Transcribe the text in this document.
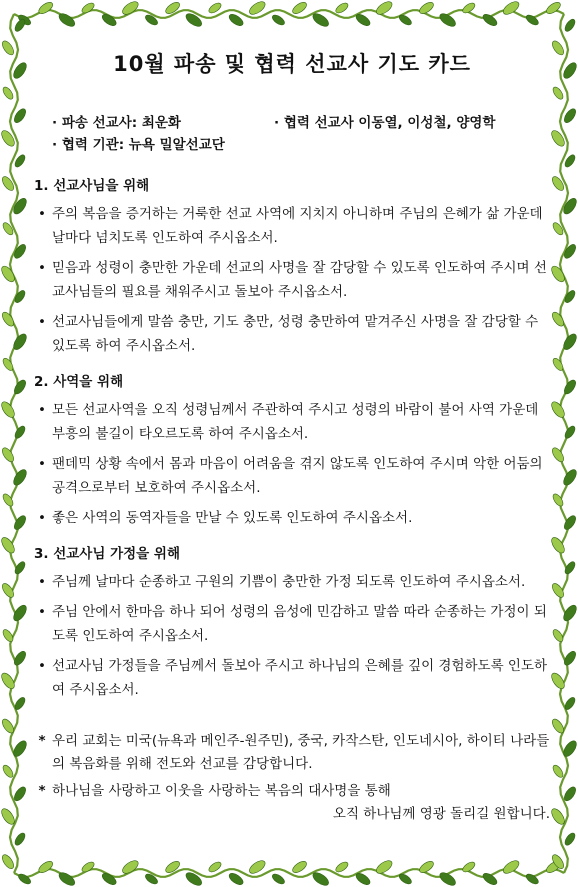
10월 파송 및 협력 선교사 기도 카드
· 파송 선교사: 최운화	· 협력 선교사 이동열, 이성철, 양영학
· 협력 기관: 뉴욕 밀알선교단
1. 선교사님을 위해
• 주의 복음을 증거하는 거룩한 선교 사역에 지치지 아니하며 주님의 은혜가 삶 가운데 날마다 넘치도록 인도하여 주시옵소서.
• 믿음과 성령이 충만한 가운데 선교의 사명을 잘 감당할 수 있도록 인도하여 주시며 선교사님들의 필요를 채워주시고 돌보아 주시옵소서.
• 선교사님들에게 말씀 충만, 기도 충만, 성령 충만하여 맡겨주신 사명을 잘 감당할 수 있도록 하여 주시옵소서.
2. 사역을 위해
• 모든 선교사역을 오직 성령님께서 주관하여 주시고 성령의 바람이 불어 사역 가운데 부흥의 불길이 타오르도록 하여 주시옵소서.
• 팬데믹 상황 속에서 몸과 마음이 어려움을 겪지 않도록 인도하여 주시며 악한 어둠의 공격으로부터 보호하여 주시옵소서.
• 좋은 사역의 동역자들을 만날 수 있도록 인도하여 주시옵소서.
3. 선교사님 가정을 위해
• 주님께 날마다 순종하고 구원의 기쁨이 충만한 가정 되도록 인도하여 주시옵소서.
• 주님 안에서 한마음 하나 되어 성령의 음성에 민감하고 말씀 따라 순종하는 가정이 되도록 인도하여 주시옵소서.
• 선교사님 가정들을 주님께서 돌보아 주시고 하나님의 은혜를 깊이 경험하도록 인도하여 주시옵소서.
* 우리 교회는 미국(뉴욕과 메인주-원주민), 중국, 카작스탄, 인도네시아, 하이티 나라들의 복음화를 위해 전도와 선교를 감당합니다.
* 하나님을 사랑하고 이웃을 사랑하는 복음의 대사명을 통해
오직 하나님께 영광 돌리길 원합니다.
